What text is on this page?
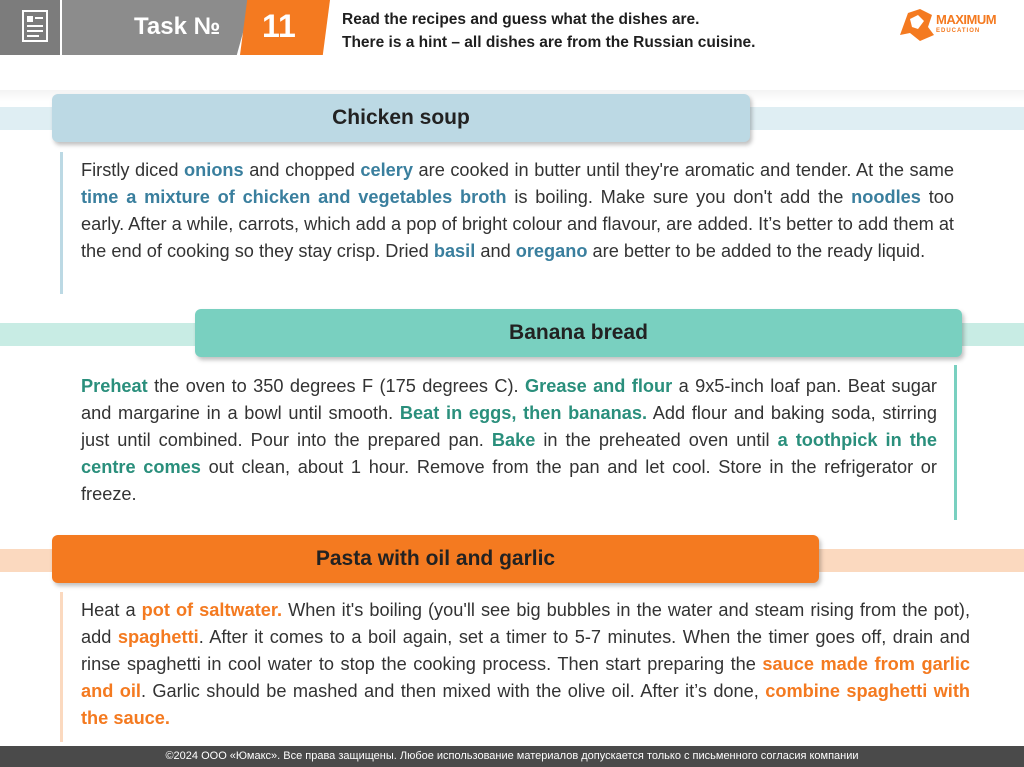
Task № 11	Read the recipes and guess what the dishes are.
There is a hint – all dishes are from the Russian cuisine.
MAXIMUM
EDUCATION
Chicken soup
Firstly diced onions and chopped celery are cooked in butter until they're aromatic and tender. At the same time a mixture of chicken and vegetables broth is boiling. Make sure you don't add the noodles too early. After a while, carrots, which add a pop of bright colour and flavour, are added. It’s better to add them at the end of cooking so they stay crisp. Dried basil and oregano are better to be added to the ready liquid.
Banana bread
Preheat the oven to 350 degrees F (175 degrees C). Grease and flour a 9x5-inch loaf pan. Beat sugar and margarine in a bowl until smooth. Beat in eggs, then bananas. Add flour and baking soda, stirring just until combined. Pour into the prepared pan. Bake in the preheated oven until a toothpick in the centre comes out clean, about 1 hour. Remove from the pan and let cool. Store in the refrigerator or freeze.
Pasta with oil and garlic
Heat a pot of saltwater. When it's boiling (you'll see big bubbles in the water and steam rising from the pot), add spaghetti. After it comes to a boil again, set a timer to 5-7 minutes. When the timer goes off, drain and rinse spaghetti in cool water to stop the cooking process. Then start preparing the sauce made from garlic and oil. Garlic should be mashed and then mixed with the olive oil. After it’s done, combine spaghetti with the sauce.
©2024 ООО «Юмакс». Все права защищены. Любое использование материалов допускается только с письменного согласия компании
